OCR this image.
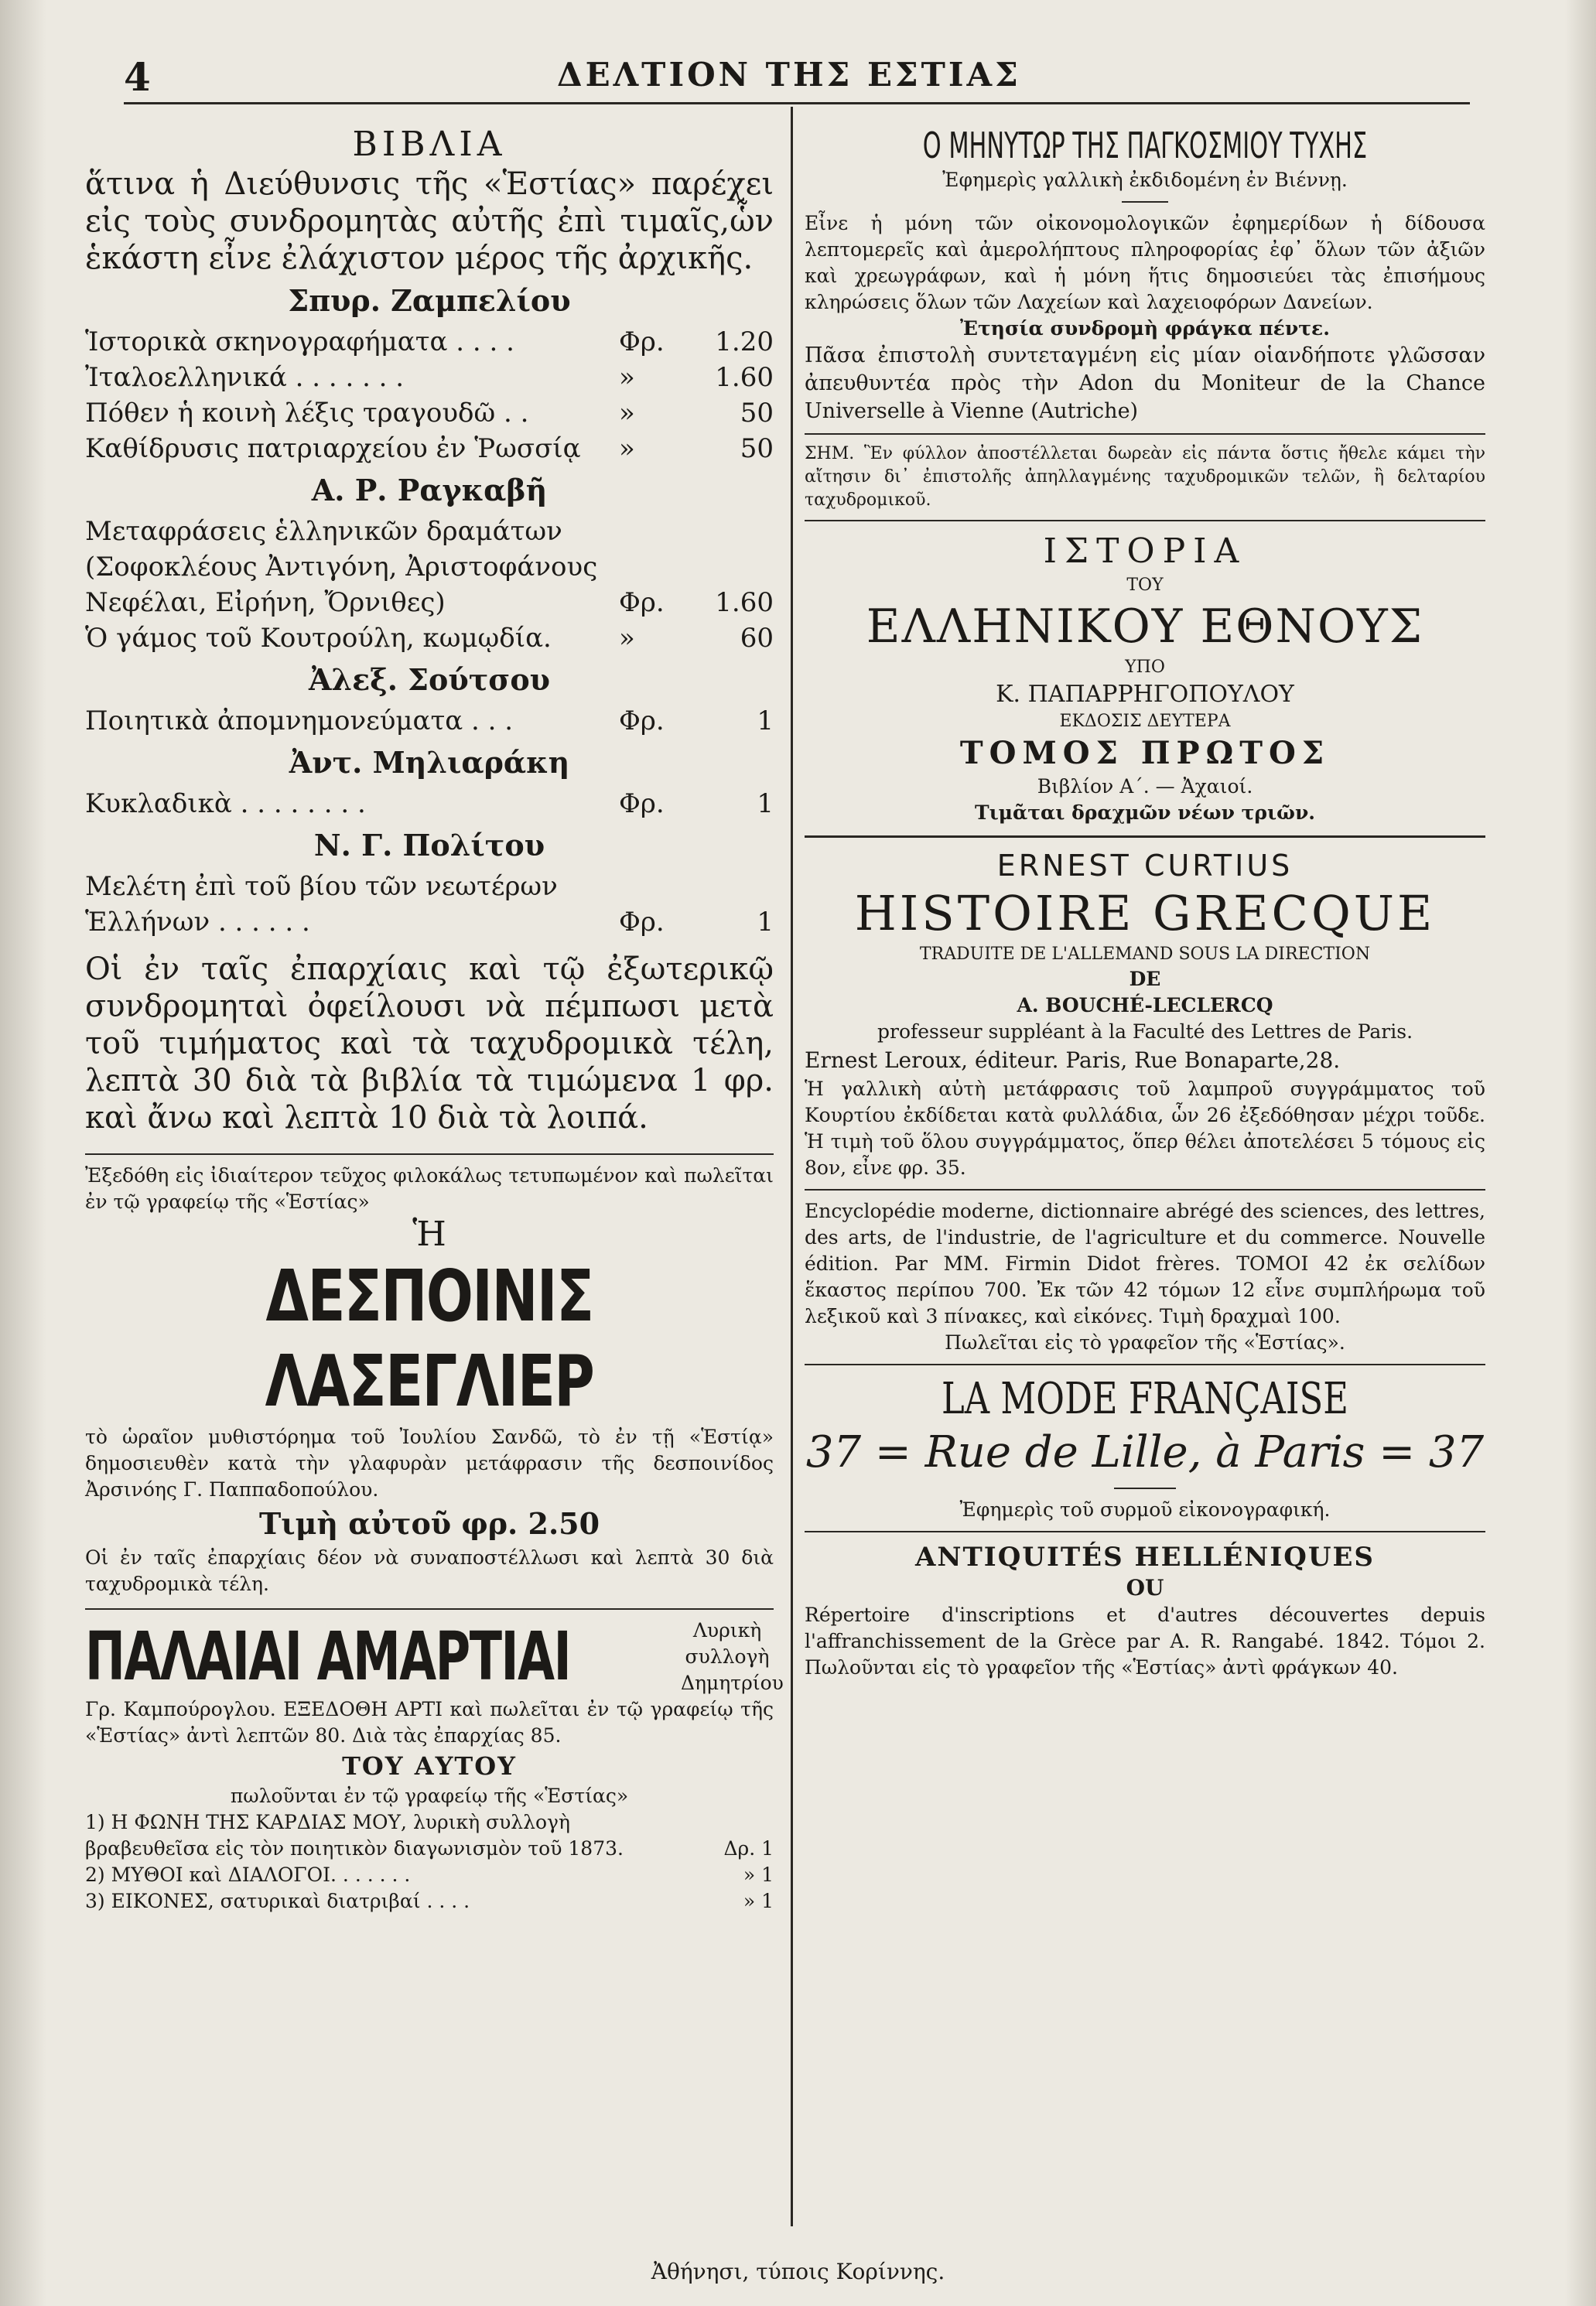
4	ΔΕΛΤΙΟΝ ΤΗΣ ΕΣΤΙΑΣ
ΒΙΒΛΙΑ
ἅτινα ἡ Διεύθυνσις τῆς «Ἑστίας» παρέχει εἰς τοὺς συνδρομητὰς αὐτῆς ἐπὶ τιμαῖς,ὧν ἑκάστη εἶνε ἐλάχιστον μέρος τῆς ἀρχικῆς.
Σπυρ. Ζαμπελίου
Ἱστορικὰ σκηνογραφήματα . . . .	Φρ.	1.20
Ἰταλοελληνικά . . . . . . .	»	1.60
Πόθεν ἡ κοινὴ λέξις τραγουδῶ . .	»	50
Καθίδρυσις πατριαρχείου ἐν Ῥωσσίᾳ	»	50
Α. Ρ. Ραγκαβῆ
Μεταφράσεις ἑλληνικῶν δραμάτων (Σοφοκλέους Ἀντιγόνη, Ἀριστοφάνους Νεφέλαι, Εἰρήνη, Ὄρνιθες)	Φρ.	1.60
Ὁ γάμος τοῦ Κουτρούλη, κωμῳδία.	»	60
Ἀλεξ. Σούτσου
Ποιητικὰ ἀπομνημονεύματα . . .	Φρ.	1
Ἀντ. Μηλιαράκη
Κυκλαδικὰ . . . . . . . .	Φρ.	1
Ν. Γ. Πολίτου
Μελέτη ἐπὶ τοῦ βίου τῶν νεωτέρων Ἑλλήνων . . . . . .	Φρ.	1
Οἱ ἐν ταῖς ἐπαρχίαις καὶ τῷ ἐξωτερικῷ συνδρομηταὶ ὀφείλουσι νὰ πέμπωσι μετὰ τοῦ τιμήματος καὶ τὰ ταχυδρομικὰ τέλη, λεπτὰ 30 διὰ τὰ βιβλία τὰ τιμώμενα 1 φρ. καὶ ἄνω καὶ λεπτὰ 10 διὰ τὰ λοιπά.
Ἐξεδόθη εἰς ἰδιαίτερον τεῦχος φιλοκάλως τετυπωμένον καὶ πωλεῖται ἐν τῷ γραφείῳ τῆς «Ἑστίας»
Ἡ
ΔΕΣΠΟΙΝΙΣ ΛΑΣΕΓΛΙΕΡ
τὸ ὡραῖον μυθιστόρημα τοῦ Ἰουλίου Σανδῶ, τὸ ἐν τῇ «Ἑστίᾳ» δημοσιευθὲν κατὰ τὴν γλαφυρὰν μετάφρασιν τῆς δεσποινίδος Ἀρσινόης Γ. Παππαδοπούλου.
Τιμὴ αὐτοῦ φρ. 2.50
Οἱ ἐν ταῖς ἐπαρχίαις δέον νὰ συναποστέλλωσι καὶ λεπτὰ 30 διὰ ταχυδρομικὰ τέλη.
ΠΑΛΑΙΑΙ ΑΜΑΡΤΙΑΙ	Λυρικὴ συλλογὴ Δημητρίου
Γρ. Καμπούρογλου. ΕΞΕΔΟΘΗ ΑΡΤΙ καὶ πωλεῖται ἐν τῷ γραφείῳ τῆς «Ἑστίας» ἀντὶ λεπτῶν 80. Διὰ τὰς ἐπαρχίας 85.
ΤΟΥ ΑΥΤΟΥ
πωλοῦνται ἐν τῷ γραφείῳ τῆς «Ἑστίας»
1) Η ΦΩΝΗ ΤΗΣ ΚΑΡΔΙΑΣ ΜΟΥ, λυρικὴ συλλογὴ βραβευθεῖσα εἰς τὸν ποιητικὸν διαγωνισμὸν τοῦ 1873.	Δρ. 1
2) ΜΥΘΟΙ καὶ ΔΙΑΛΟΓΟΙ. . . . . . .	» 1
3) ΕΙΚΟΝΕΣ, σατυρικαὶ διατριβαί . . . .	» 1
Ο ΜΗΝΥΤΩΡ ΤΗΣ ΠΑΓΚΟΣΜΙΟΥ ΤΥΧΗΣ
Ἐφημερὶς γαλλικὴ ἐκδιδομένη ἐν Βιέννῃ.
Εἶνε ἡ μόνη τῶν οἰκονομολογικῶν ἐφημερίδων ἡ δίδουσα λεπτομερεῖς καὶ ἀμερολήπτους πληροφορίας ἐφ᾿ ὅλων τῶν ἀξιῶν καὶ χρεωγράφων, καὶ ἡ μόνη ἥτις δημοσιεύει τὰς ἐπισήμους κληρώσεις ὅλων τῶν Λαχείων καὶ λαχειοφόρων Δανείων.
Ἐτησία συνδρομὴ φράγκα πέντε.
Πᾶσα ἐπιστολὴ συντεταγμένη εἰς μίαν οἱανδήποτε γλῶσσαν ἀπευθυντέα πρὸς τὴν Adon du Moniteur de la Chance Universelle à Vienne (Autriche)
ΣΗΜ. Ἓν φύλλον ἀποστέλλεται δωρεὰν εἰς πάντα ὅστις ἤθελε κάμει τὴν αἴτησιν δι᾿ ἐπιστολῆς ἀπηλλαγμένης ταχυδρομικῶν τελῶν, ἢ δελταρίου ταχυδρομικοῦ.
ΙΣΤΟΡΙΑ
ΤΟΥ
ΕΛΛΗΝΙΚΟΥ ΕΘΝΟΥΣ
ΥΠΟ
Κ. ΠΑΠΑΡΡΗΓΟΠΟΥΛΟΥ
ΕΚΔΟΣΙΣ ΔΕΥΤΕΡΑ
ΤΟΜΟΣ ΠΡΩΤΟΣ
Βιβλίον Α΄. — Ἀχαιοί.
Τιμᾶται δραχμῶν νέων τριῶν.
ERNEST CURTIUS
HISTOIRE GRECQUE
TRADUITE DE L'ALLEMAND SOUS LA DIRECTION
DE
A. BOUCHÉ-LECLERCQ
professeur suppléant à la Faculté des Lettres de Paris.
Ernest Leroux, éditeur. Paris, Rue Bonaparte,28.
Ἡ γαλλικὴ αὐτὴ μετάφρασις τοῦ λαμπροῦ συγγράμματος τοῦ Κουρτίου ἐκδίδεται κατὰ φυλλάδια, ὧν 26 ἐξεδόθησαν μέχρι τοῦδε. Ἡ τιμὴ τοῦ ὅλου συγγράμματος, ὅπερ θέλει ἀποτελέσει 5 τόμους εἰς 8ον, εἶνε φρ. 35.
Encyclopédie moderne, dictionnaire abrégé des sciences, des lettres, des arts, de l'industrie, de l'agriculture et du commerce. Nouvelle édition. Par MM. Firmin Didot frères. ΤΟΜΟΙ 42 ἐκ σελίδων ἕκαστος περίπου 700. Ἐκ τῶν 42 τόμων 12 εἶνε συμπλήρωμα τοῦ λεξικοῦ καὶ 3 πίνακες, καὶ εἰκόνες. Τιμὴ δραχμαὶ 100.
Πωλεῖται εἰς τὸ γραφεῖον τῆς «Ἑστίας».
LA MODE FRANÇAISE
37 = Rue de Lille, à Paris = 37
Ἐφημερὶς τοῦ συρμοῦ εἰκονογραφική.
ANTIQUITÉS HELLÉNIQUES
OU
Répertoire d'inscriptions et d'autres découvertes depuis l'affranchissement de la Grèce par A. R. Rangabé. 1842. Τόμοι 2. Πωλοῦνται εἰς τὸ γραφεῖον τῆς «Ἑστίας» ἀντὶ φράγκων 40.
Ἀθήνησι, τύποις Κορίννης.
